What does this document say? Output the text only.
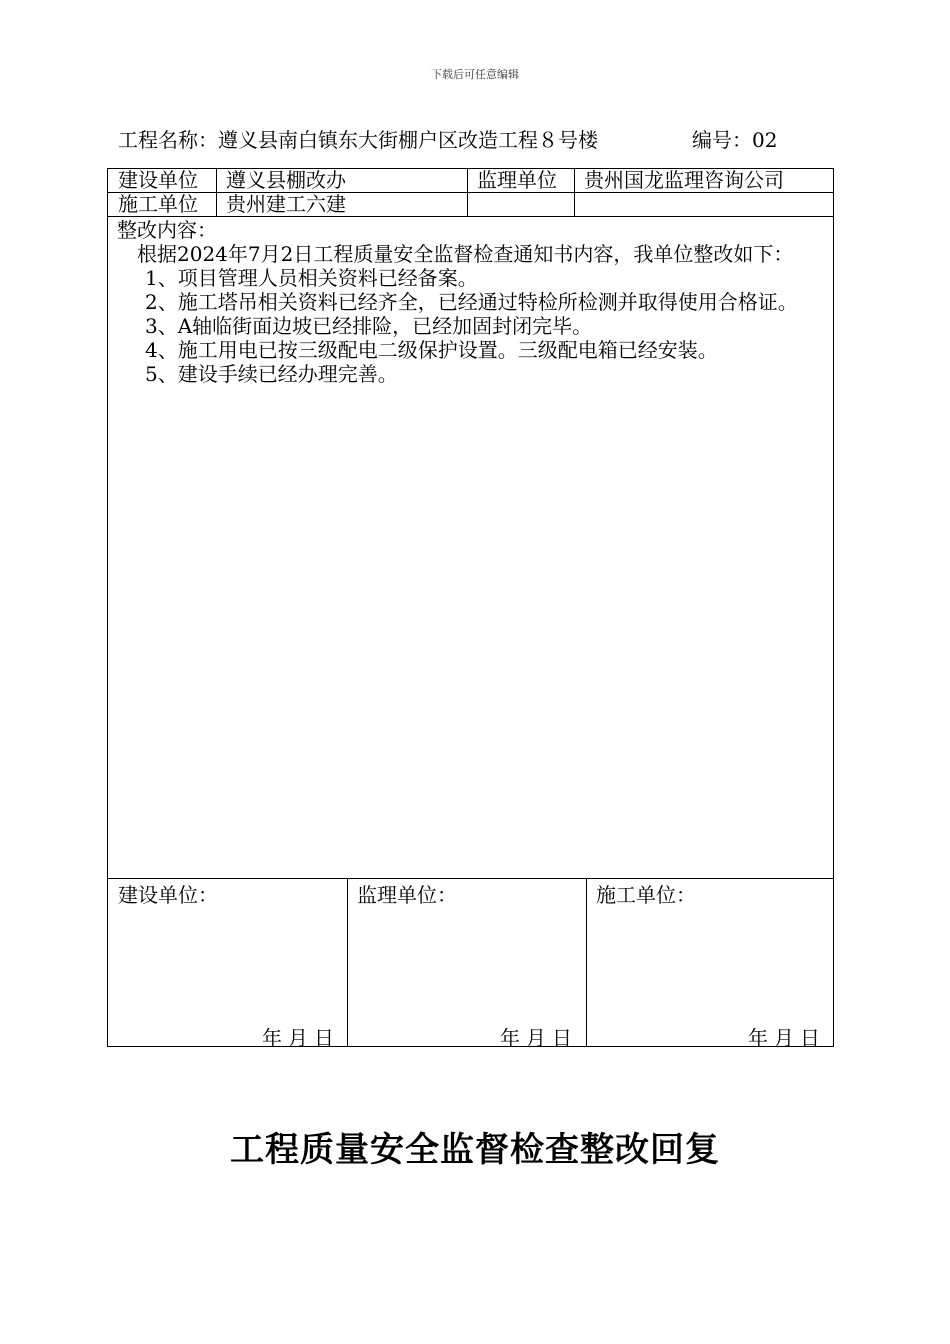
下载后可任意编辑
工程名称：遵义县南白镇东大街棚户区改造工程８号楼	编号：02
建设单位 遵义县棚改办	监理单位 贵州国龙监理咨询公司
施工单位 贵州建工六建

整改内容：

根据2024年7月2日工程质量安全监督检查通知书内容，我单位整改如下：

1、项目管理人员相关资料已经备案。

2、施工塔吊相关资料已经齐全，已经通过特检所检测并取得使用合格证。

3、A轴临街面边坡已经排险，已经加固封闭完毕。

4、施工用电已按三级配电二级保护设置。三级配电箱已经安装。

5、建设手续已经办理完善。

建设单位：	监理单位：	施工单位：
年月日	年月日	年月日
工程质量安全监督检查整改回复
